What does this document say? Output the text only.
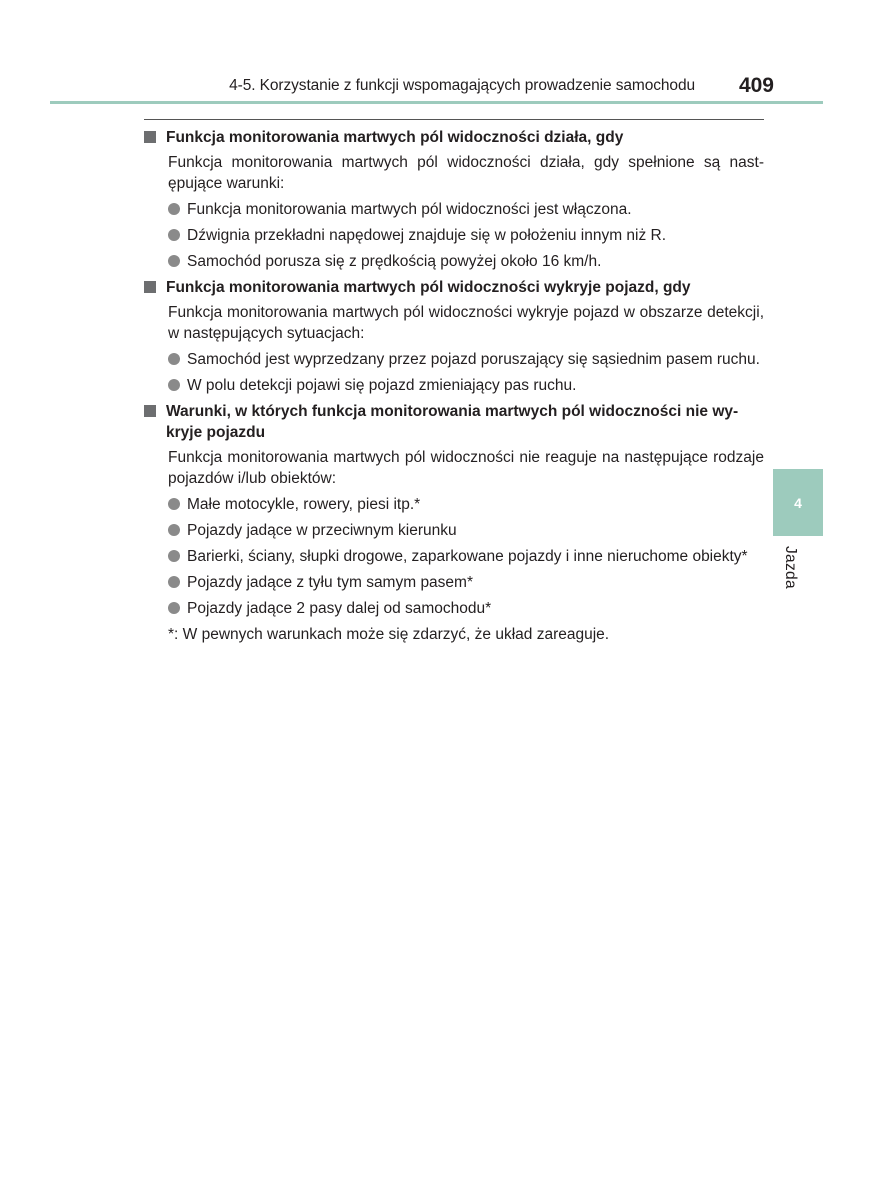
4-5. Korzystanie z funkcji wspomagających prowadzenie samochodu	409
4
Jazda
Funkcja monitorowania martwych pól widoczności działa, gdy
Funkcja monitorowania martwych pól widoczności działa, gdy spełnione są następujące warunki:
Funkcja monitorowania martwych pól widoczności jest włączona.
Dźwignia przekładni napędowej znajduje się w położeniu innym niż R.
Samochód porusza się z prędkością powyżej około 16 km/h.
Funkcja monitorowania martwych pól widoczności wykryje pojazd, gdy
Funkcja monitorowania martwych pól widoczności wykryje pojazd w obszarze detekcji, w następujących sytuacjach:
Samochód jest wyprzedzany przez pojazd poruszający się sąsiednim pasem ruchu.
W polu detekcji pojawi się pojazd zmieniający pas ruchu.
Warunki, w których funkcja monitorowania martwych pól widoczności nie wykryje pojazdu
Funkcja monitorowania martwych pól widoczności nie reaguje na następujące rodzaje pojazdów i/lub obiektów:
Małe motocykle, rowery, piesi itp.*
Pojazdy jadące w przeciwnym kierunku
Barierki, ściany, słupki drogowe, zaparkowane pojazdy i inne nieruchome obiekty*
Pojazdy jadące z tyłu tym samym pasem*
Pojazdy jadące 2 pasy dalej od samochodu*
*: W pewnych warunkach może się zdarzyć, że układ zareaguje.
